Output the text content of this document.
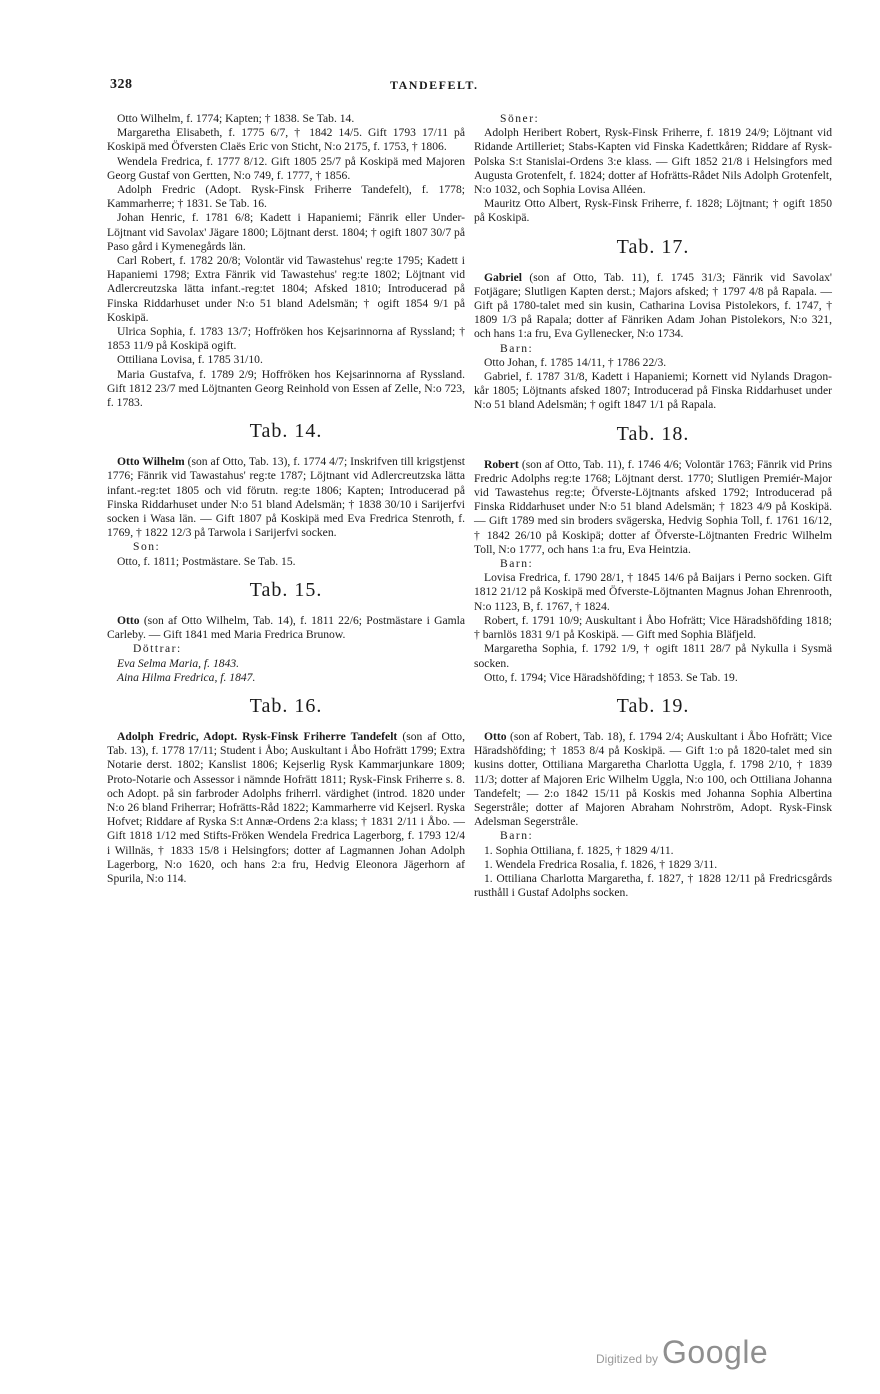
328	TANDEFELT.

Otto Wilhelm, f. 1774; Kapten; † 1838. Se Tab. 14.

Margaretha Elisabeth, f. 1775 6/7, † 1842 14/5. Gift 1793 17/11 på Koskipä med Öfversten Claës Eric von Sticht, N:o 2175, f. 1753, † 1806.

Wendela Fredrica, f. 1777 8/12. Gift 1805 25/7 på Koskipä med Majoren Georg Gustaf von Gertten, N:o 749, f. 1777, † 1856.

Adolph Fredric (Adopt. Rysk-Finsk Friherre Tandefelt), f. 1778; Kammarherre; † 1831. Se Tab. 16.

Johan Henric, f. 1781 6/8; Kadett i Hapaniemi; Fänrik eller Under-Löjtnant vid Savolax' Jägare 1800; Löjtnant derst. 1804; † ogift 1807 30/7 på Paso gård i Kymenegårds län.

Carl Robert, f. 1782 20/8; Volontär vid Tawastehus' reg:te 1795; Kadett i Hapaniemi 1798; Extra Fänrik vid Tawastehus' reg:te 1802; Löjtnant vid Adlercreutzska lätta infant.-reg:tet 1804; Afsked 1810; Introducerad på Finska Riddarhuset under N:o 51 bland Adelsmän; † ogift 1854 9/1 på Koskipä.

Ulrica Sophia, f. 1783 13/7; Hoffröken hos Kejsarinnorna af Ryssland; † 1853 11/9 på Koskipä ogift.

Ottiliana Lovisa, f. 1785 31/10.

Maria Gustafva, f. 1789 2/9; Hoffröken hos Kejsarinnorna af Ryssland. Gift 1812 23/7 med Löjtnanten Georg Reinhold von Essen af Zelle, N:o 723, f. 1783.

Tab. 14.

Otto Wilhelm (son af Otto, Tab. 13), f. 1774 4/7; Inskrifven till krigstjenst 1776; Fänrik vid Tawastahus' reg:te 1787; Löjtnant vid Adlercreutzska lätta infant.-reg:tet 1805 och vid förutn. reg:te 1806; Kapten; Introducerad på Finska Riddarhuset under N:o 51 bland Adelsmän; † 1838 30/10 i Sarijerfvi socken i Wasa län. — Gift 1807 på Koskipä med Eva Fredrica Stenroth, f. 1769, † 1822 12/3 på Tarwola i Sarijerfvi socken.

Son:

Otto, f. 1811; Postmästare. Se Tab. 15.

Tab. 15.

Otto (son af Otto Wilhelm, Tab. 14), f. 1811 22/6; Postmästare i Gamla Carleby. — Gift 1841 med Maria Fredrica Brunow.

Döttrar:

Eva Selma Maria, f. 1843.

Aina Hilma Fredrica, f. 1847.

Tab. 16.

Adolph Fredric, Adopt. Rysk-Finsk Friherre Tandefelt (son af Otto, Tab. 13), f. 1778 17/11; Student i Åbo; Auskultant i Åbo Hofrätt 1799; Extra Notarie derst. 1802; Kanslist 1806; Kejserlig Rysk Kammarjunkare 1809; Proto-Notarie och Assessor i nämnde Hofrätt 1811; Rysk-Finsk Friherre s. 8. och Adopt. på sin farbroder Adolphs friherrl. värdighet (introd. 1820 under N:o 26 bland Friherrar; Hofrätts-Råd 1822; Kammarherre vid Kejserl. Ryska Hofvet; Riddare af Ryska S:t Annæ-Ordens 2:a klass; † 1831 2/11 i Åbo. — Gift 1818 1/12 med Stifts-Fröken Wendela Fredrica Lagerborg, f. 1793 12/4 i Willnäs, † 1833 15/8 i Helsingfors; dotter af Lagmannen Johan Adolph Lagerborg, N:o 1620, och hans 2:a fru, Hedvig Eleonora Jägerhorn af Spurila, N:o 114.

Söner:

Adolph Heribert Robert, Rysk-Finsk Friherre, f. 1819 24/9; Löjtnant vid Ridande Artilleriet; Stabs-Kapten vid Finska Kadettkåren; Riddare af Rysk-Polska S:t Stanislai-Ordens 3:e klass. — Gift 1852 21/8 i Helsingfors med Augusta Grotenfelt, f. 1824; dotter af Hofrätts-Rådet Nils Adolph Grotenfelt, N:o 1032, och Sophia Lovisa Alléen.

Mauritz Otto Albert, Rysk-Finsk Friherre, f. 1828; Löjtnant; † ogift 1850 på Koskipä.

Tab. 17.

Gabriel (son af Otto, Tab. 11), f. 1745 31/3; Fänrik vid Savolax' Fotjägare; Slutligen Kapten derst.; Majors afsked; † 1797 4/8 på Rapala. — Gift på 1780-talet med sin kusin, Catharina Lovisa Pistolekors, f. 1747, † 1809 1/3 på Rapala; dotter af Fänriken Adam Johan Pistolekors, N:o 321, och hans 1:a fru, Eva Gyllenecker, N:o 1734.

Barn:

Otto Johan, f. 1785 14/11, † 1786 22/3.

Gabriel, f. 1787 31/8, Kadett i Hapaniemi; Kornett vid Nylands Dragon-kår 1805; Löjtnants afsked 1807; Introducerad på Finska Riddarhuset under N:o 51 bland Adelsmän; † ogift 1847 1/1 på Rapala.

Tab. 18.

Robert (son af Otto, Tab. 11), f. 1746 4/6; Volontär 1763; Fänrik vid Prins Fredric Adolphs reg:te 1768; Löjtnant derst. 1770; Slutligen Premiér-Major vid Tawastehus reg:te; Öfverste-Löjtnants afsked 1792; Introducerad på Finska Riddarhuset under N:o 51 bland Adelsmän; † 1823 4/9 på Koskipä. — Gift 1789 med sin broders svägerska, Hedvig Sophia Toll, f. 1761 16/12, † 1842 26/10 på Koskipä; dotter af Öfverste-Löjtnanten Fredric Wilhelm Toll, N:o 1777, och hans 1:a fru, Eva Heintzia.

Barn:

Lovisa Fredrica, f. 1790 28/1, † 1845 14/6 på Baijars i Perno socken. Gift 1812 21/12 på Koskipä med Öfverste-Löjtnanten Magnus Johan Ehrenrooth, N:o 1123, B, f. 1767, † 1824.

Robert, f. 1791 10/9; Auskultant i Åbo Hofrätt; Vice Häradshöfding 1818; † barnlös 1831 9/1 på Koskipä. — Gift med Sophia Bläfjeld.

Margaretha Sophia, f. 1792 1/9, † ogift 1811 28/7 på Nykulla i Sysmä socken.

Otto, f. 1794; Vice Häradshöfding; † 1853. Se Tab. 19.

Tab. 19.

Otto (son af Robert, Tab. 18), f. 1794 2/4; Auskultant i Åbo Hofrätt; Vice Häradshöfding; † 1853 8/4 på Koskipä. — Gift 1:o på 1820-talet med sin kusins dotter, Ottiliana Margaretha Charlotta Uggla, f. 1798 2/10, † 1839 11/3; dotter af Majoren Eric Wilhelm Uggla, N:o 100, och Ottiliana Johanna Tandefelt; — 2:o 1842 15/11 på Koskis med Johanna Sophia Albertina Segerstråle; dotter af Majoren Abraham Nohrström, Adopt. Rysk-Finsk Adelsman Segerstråle.

Barn:

1. Sophia Ottiliana, f. 1825, † 1829 4/11.

1. Wendela Fredrica Rosalia, f. 1826, † 1829 3/11.

1. Ottiliana Charlotta Margaretha, f. 1827, † 1828 12/11 på Fredricsgårds rusthåll i Gustaf Adolphs socken.

Digitized by Google
